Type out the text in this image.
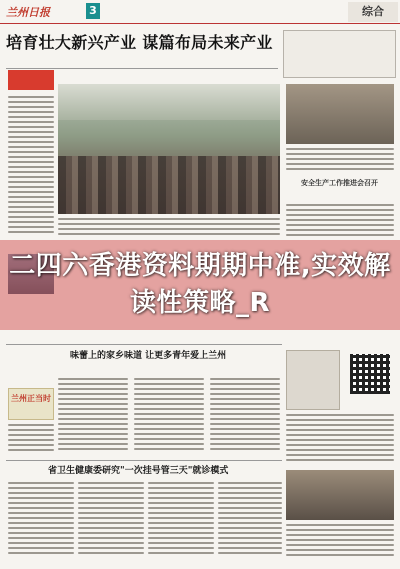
兰州日报	3	综合
培育壮大新兴产业 谋篇布局未来产业
安全生产工作推进会召开
味蕾上的家乡味道 让更多青年爱上兰州
兰州正当时
省卫生健康委研究"一次挂号管三天"就诊模式
二四六香港资料期期中准,实效解读性策略_R
